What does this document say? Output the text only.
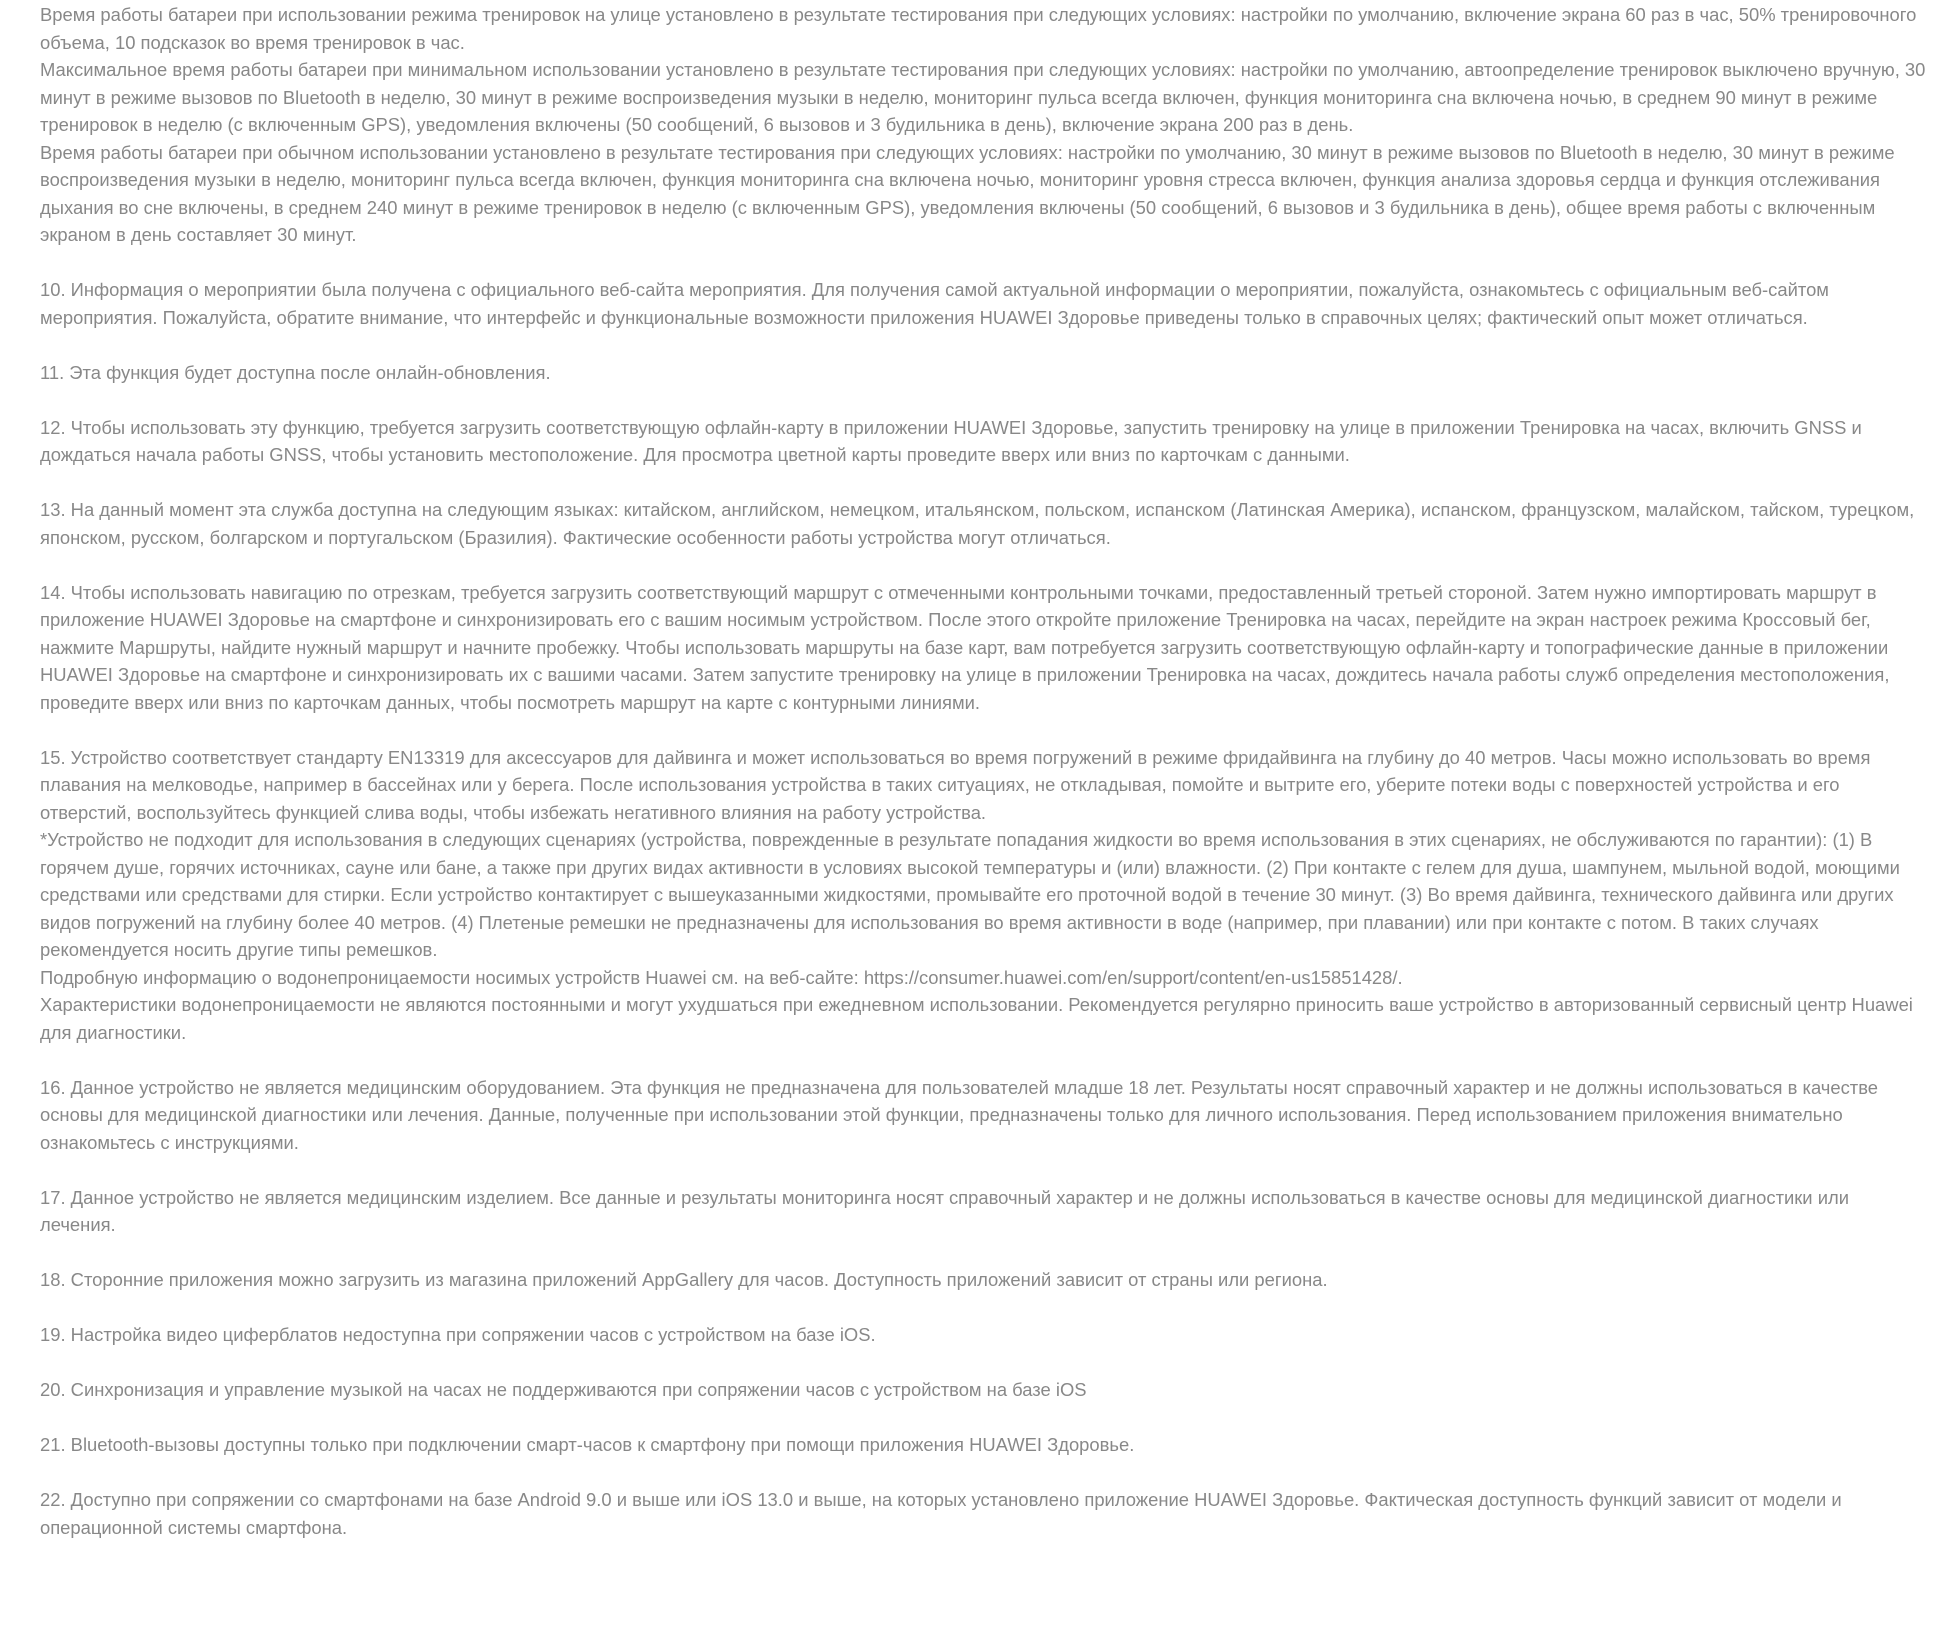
Время работы батареи при использовании режима тренировок на улице установлено в результате тестирования при следующих условиях: настройки по умолчанию, включение экрана 60 раз в час, 50% тренировочного объема, 10 подсказок во время тренировок в час.

Максимальное время работы батареи при минимальном использовании установлено в результате тестирования при следующих условиях: настройки по умолчанию, автоопределение тренировок выключено вручную, 30 минут в режиме вызовов по Bluetooth в неделю, 30 минут в режиме воспроизведения музыки в неделю, мониторинг пульса всегда включен, функция мониторинга сна включена ночью, в среднем 90 минут в режиме тренировок в неделю (с включенным GPS), уведомления включены (50 сообщений, 6 вызовов и 3 будильника в день), включение экрана 200 раз в день.

Время работы батареи при обычном использовании установлено в результате тестирования при следующих условиях: настройки по умолчанию, 30 минут в режиме вызовов по Bluetooth в неделю, 30 минут в режиме воспроизведения музыки в неделю, мониторинг пульса всегда включен, функция мониторинга сна включена ночью, мониторинг уровня стресса включен, функция анализа здоровья сердца и функция отслеживания дыхания во сне включены, в среднем 240 минут в режиме тренировок в неделю (с включенным GPS), уведомления включены (50 сообщений, 6 вызовов и 3 будильника в день), общее время работы с включенным экраном в день составляет 30 минут.

10. Информация о мероприятии была получена с официального веб-сайта мероприятия. Для получения самой актуальной информации о мероприятии, пожалуйста, ознакомьтесь с официальным веб-сайтом мероприятия. Пожалуйста, обратите внимание, что интерфейс и функциональные возможности приложения HUAWEI Здоровье приведены только в справочных целях; фактический опыт может отличаться.

11. Эта функция будет доступна после онлайн-обновления.

12. Чтобы использовать эту функцию, требуется загрузить соответствующую офлайн-карту в приложении HUAWEI Здоровье, запустить тренировку на улице в приложении Тренировка на часах, включить GNSS и дождаться начала работы GNSS, чтобы установить местоположение. Для просмотра цветной карты проведите вверх или вниз по карточкам с данными.

13. На данный момент эта служба доступна на следующим языках: китайском, английском, немецком, итальянском, польском, испанском (Латинская Америка), испанском, французском, малайском, тайском, турецком, японском, русском, болгарском и португальском (Бразилия). Фактические особенности работы устройства могут отличаться.

14. Чтобы использовать навигацию по отрезкам, требуется загрузить соответствующий маршрут с отмеченными контрольными точками, предоставленный третьей стороной. Затем нужно импортировать маршрут в приложение HUAWEI Здоровье на смартфоне и синхронизировать его с вашим носимым устройством. После этого откройте приложение Тренировка на часах, перейдите на экран настроек режима Кроссовый бег, нажмите Маршруты, найдите нужный маршрут и начните пробежку. Чтобы использовать маршруты на базе карт, вам потребуется загрузить соответствующую офлайн-карту и топографические данные в приложении HUAWEI Здоровье на смартфоне и синхронизировать их с вашими часами. Затем запустите тренировку на улице в приложении Тренировка на часах, дождитесь начала работы служб определения местоположения, проведите вверх или вниз по карточкам данных, чтобы посмотреть маршрут на карте с контурными линиями.

15. Устройство соответствует стандарту EN13319 для аксессуаров для дайвинга и может использоваться во время погружений в режиме фридайвинга на глубину до 40 метров. Часы можно использовать во время плавания на мелководье, например в бассейнах или у берега. После использования устройства в таких ситуациях, не откладывая, помойте и вытрите его, уберите потеки воды с поверхностей устройства и его отверстий, воспользуйтесь функцией слива воды, чтобы избежать негативного влияния на работу устройства.

*Устройство не подходит для использования в следующих сценариях (устройства, поврежденные в результате попадания жидкости во время использования в этих сценариях, не обслуживаются по гарантии): (1) В горячем душе, горячих источниках, сауне или бане, а также при других видах активности в условиях высокой температуры и (или) влажности. (2) При контакте с гелем для душа, шампунем, мыльной водой, моющими средствами или средствами для стирки. Если устройство контактирует с вышеуказанными жидкостями, промывайте его проточной водой в течение 30 минут. (3) Во время дайвинга, технического дайвинга или других видов погружений на глубину более 40 метров. (4) Плетеные ремешки не предназначены для использования во время активности в воде (например, при плавании) или при контакте с потом. В таких случаях рекомендуется носить другие типы ремешков.

Подробную информацию о водонепроницаемости носимых устройств Huawei см. на веб-сайте: https://consumer.huawei.com/en/support/content/en-us15851428/.

Характеристики водонепроницаемости не являются постоянными и могут ухудшаться при ежедневном использовании. Рекомендуется регулярно приносить ваше устройство в авторизованный сервисный центр Huawei для диагностики.

16. Данное устройство не является медицинским оборудованием. Эта функция не предназначена для пользователей младше 18 лет. Результаты носят справочный характер и не должны использоваться в качестве основы для медицинской диагностики или лечения. Данные, полученные при использовании этой функции, предназначены только для личного использования. Перед использованием приложения внимательно ознакомьтесь с инструкциями.

17. Данное устройство не является медицинским изделием. Все данные и результаты мониторинга носят справочный характер и не должны использоваться в качестве основы для медицинской диагностики или лечения.

18. Сторонние приложения можно загрузить из магазина приложений AppGallery для часов. Доступность приложений зависит от страны или региона.

19. Настройка видео циферблатов недоступна при сопряжении часов с устройством на базе iOS.

20. Синхронизация и управление музыкой на часах не поддерживаются при сопряжении часов с устройством на базе iOS

21. Bluetooth-вызовы доступны только при подключении смарт-часов к смартфону при помощи приложения HUAWEI Здоровье.

22. Доступно при сопряжении со смартфонами на базе Android 9.0 и выше или iOS 13.0 и выше, на которых установлено приложение HUAWEI Здоровье. Фактическая доступность функций зависит от модели и операционной системы смартфона.
